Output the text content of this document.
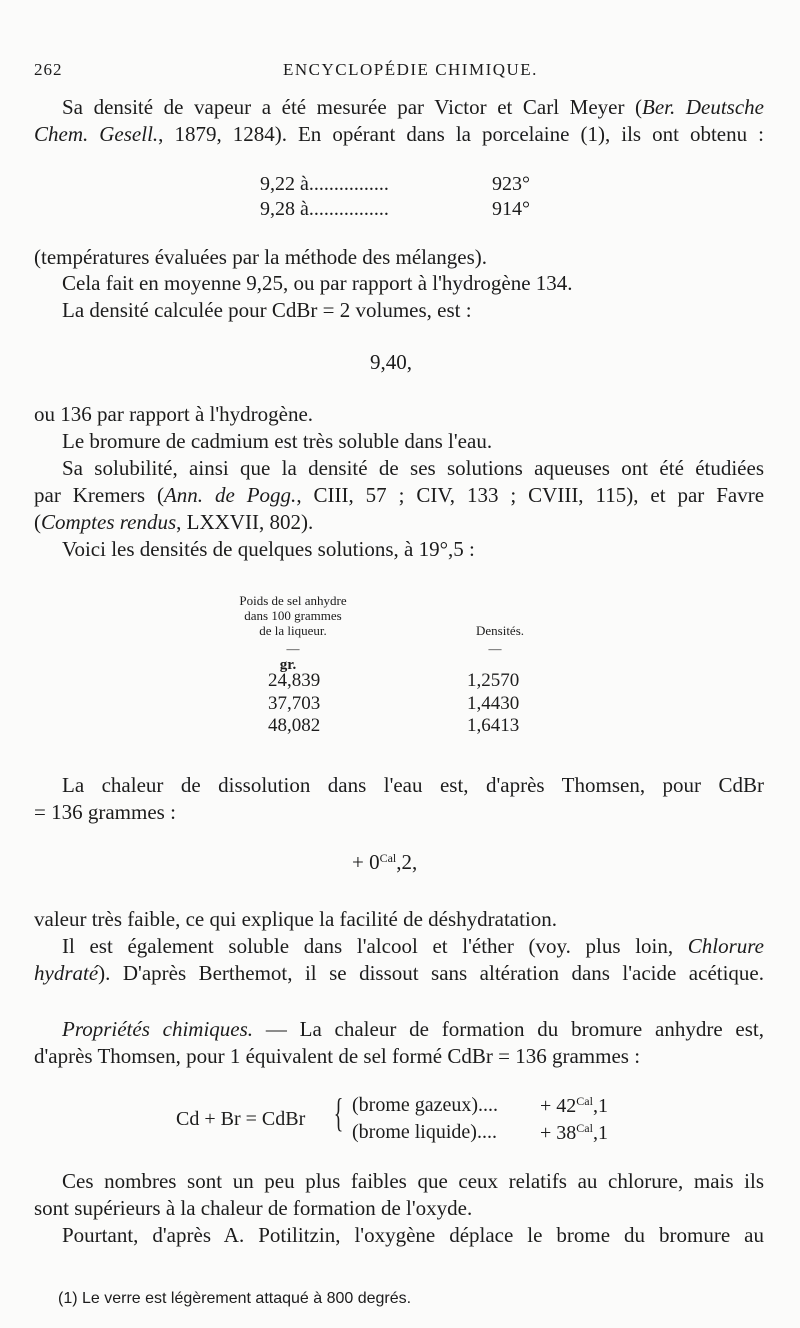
262	ENCYCLOPÉDIE CHIMIQUE.
Sa densité de vapeur a été mesurée par Victor et Carl Meyer (Ber. Deutsche
Chem. Gesell., 1879, 1284). En opérant dans la porcelaine (1), ils ont obtenu :
9,22 à................	923°
9,28 à................	914°
(températures évaluées par la méthode des mélanges).
Cela fait en moyenne 9,25, ou par rapport à l'hydrogène 134.
La densité calculée pour CdBr = 2 volumes, est :
9,40,
ou 136 par rapport à l'hydrogène.
Le bromure de cadmium est très soluble dans l'eau.
Sa solubilité, ainsi que la densité de ses solutions aqueuses ont été étudiées
par Kremers (Ann. de Pogg., CIII, 57 ; CIV, 133 ; CVIII, 115), et par Favre
(Comptes rendus, LXXVII, 802).
Voici les densités de quelques solutions, à 19°,5 :
Poids de sel anhydre
dans 100 grammes
de la liqueur.	Densités.
—	—
gr.
24,839	1,2570
37,703	1,4430
48,082	1,6413
La chaleur de dissolution dans l'eau est, d'après Thomsen, pour CdBr
= 136 grammes :
+ $0^{Cal},2$,
valeur très faible, ce qui explique la facilité de déshydratation.
Il est également soluble dans l'alcool et l'éther (voy. plus loin, Chlorure
hydraté). D'après Berthemot, il se dissout sans altération dans l'acide acétique.
Propriétés chimiques. — La chaleur de formation du bromure anhydre est,
d'après Thomsen, pour 1 équivalent de sel formé CdBr = 136 grammes :
Cd + Br = CdBr { (brome gazeux).... + $42^{Cal},1$
(brome liquide).... + $38^{Cal},1$
Ces nombres sont un peu plus faibles que ceux relatifs au chlorure, mais ils
sont supérieurs à la chaleur de formation de l'oxyde.
Pourtant, d'après A. Potilitzin, l'oxygène déplace le brome du bromure au
(1) Le verre est légèrement attaqué à 800 degrés.
